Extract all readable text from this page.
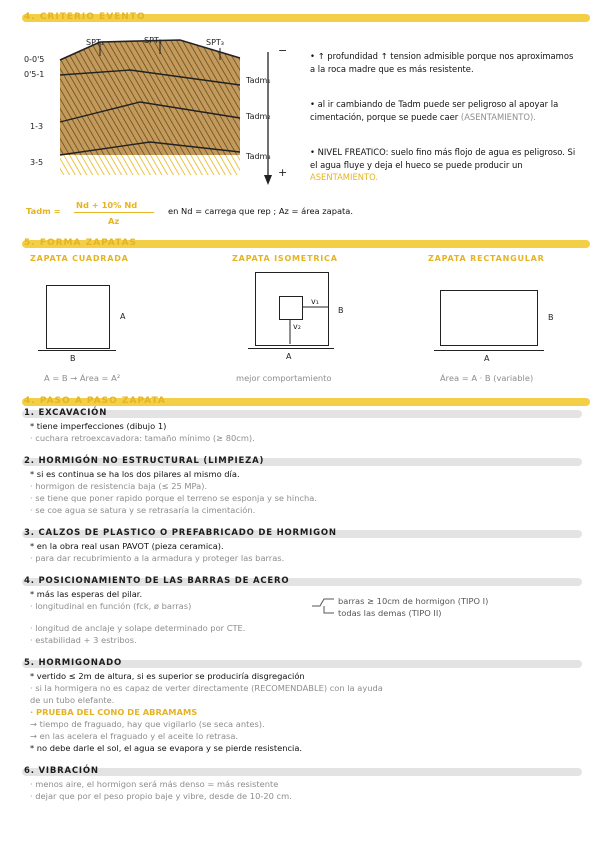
4. CRITERIO EVENTO
SPT₁	SPT₂	SPT₃
0-0'5
0'5-1
1-3
3-5
−
+
Tadm₁
Tadm₂
Tadm₃
• ↑ profundidad ↑ tension admisible porque nos aproximamos a la roca madre que es más resistente.
• al ir cambiando de Tadm puede ser peligroso al apoyar la cimentación, porque se puede caer (ASENTAMIENTO).
• NIVEL FREATICO: suelo fino más flojo de agua es peligroso. Si el agua fluye y deja el hueco se puede producir un ASENTAMIENTO.
Tadm =
Nd + 10% Nd
Az
en Nd = carrega que rep ; Az = área zapata.
5. FORMA ZAPATAS
ZAPATA CUADRADA	ZAPATA ISOMETRICA	ZAPATA RECTANGULAR
A
B
A = B → Área = A²
v₁
v₂
B
A
mejor comportamiento
B
A
Área = A · B (variable)
4. PASO A PASO ZAPATA
1. EXCAVACIÓN
* tiene imperfecciones (dibujo 1)
· cuchara retroexcavadora: tamaño mínimo (≥ 80cm).
2. HORMIGÓN NO ESTRUCTURAL (LIMPIEZA)
* si es continua se ha los dos pilares al mismo día.
· hormigon de resistencia baja (≤ 25 MPa).
· se tiene que poner rapido porque el terreno se esponja y se hincha.
· se coe agua se satura y se retrasaría la cimentación.
3. CALZOS DE PLASTICO O PREFABRICADO DE HORMIGON
* en la obra real usan PAVOT (pieza ceramica).
· para dar recubrimiento a la armadura y proteger las barras.
4. POSICIONAMIENTO DE LAS BARRAS DE ACERO
* más las esperas del pilar.
· longitudinal en función (fck, ø barras)	barras ≥ 10cm de hormigon (TIPO I)
todas las demas (TIPO II)
· longitud de anclaje y solape determinado por CTE.
· estabilidad + 3 estribos.
5. HORMIGONADO
* vertido ≤ 2m de altura, si es superior se produciría disgregación
· si la hormigera no es capaz de verter directamente (RECOMENDABLE) con la ayuda
de un tubo elefante.
· PRUEBA DEL CONO DE ABRAMAMS
→ tiempo de fraguado, hay que vigilarlo (se seca antes).
→ en las acelera el fraguado y el aceite lo retrasa.
* no debe darle el sol, el agua se evapora y se pierde resistencia.
6. VIBRACIÓN
· menos aire, el hormigon será más denso = más resistente
· dejar que por el peso propio baje y vibre, desde de 10-20 cm.
